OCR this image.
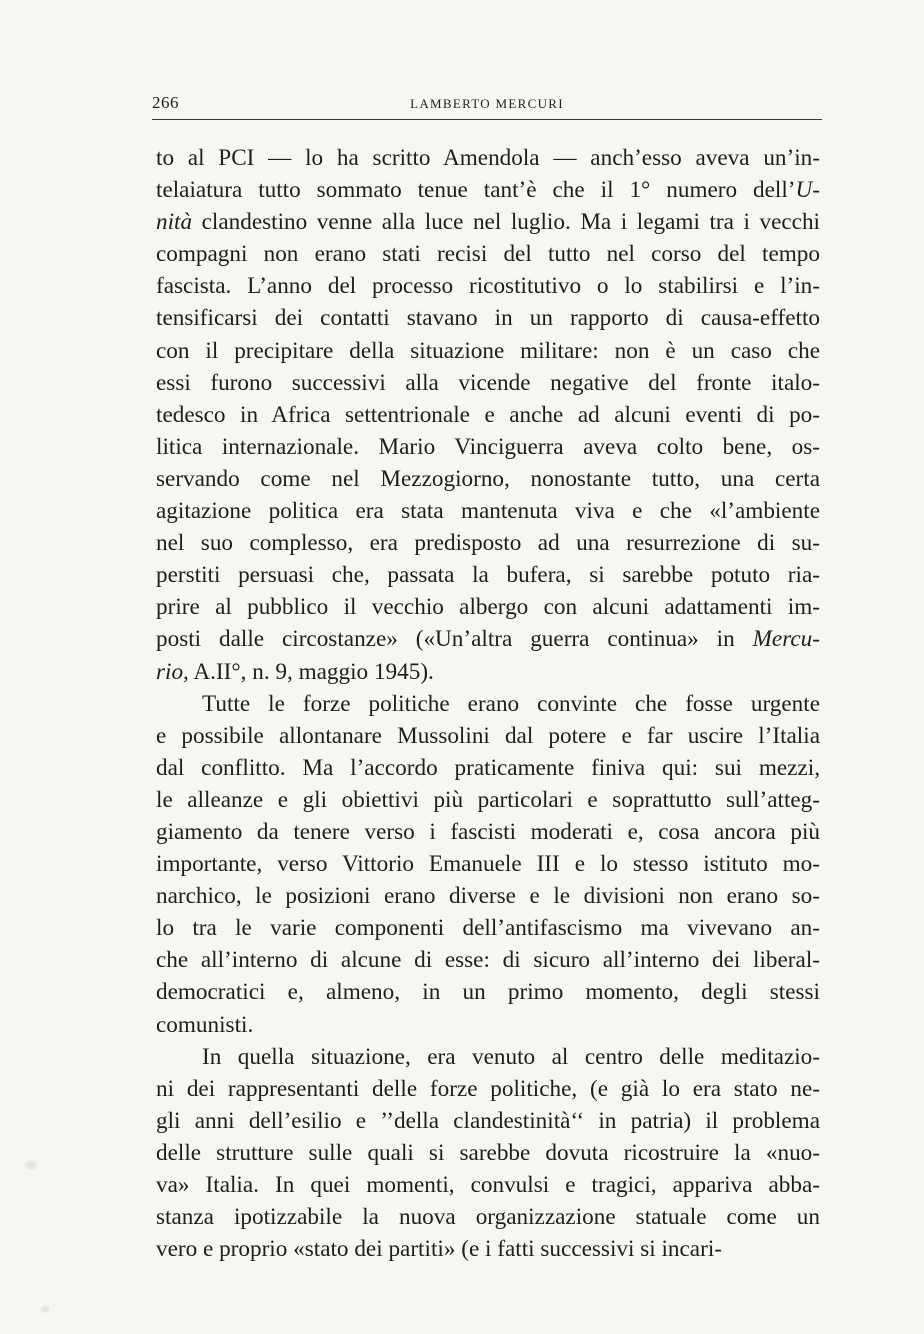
266	LAMBERTO MERCURI
to al PCI — lo ha scritto Amendola — anch’esso aveva un’in-
telaiatura tutto sommato tenue tant’è che il 1° numero dell’U-
nità clandestino venne alla luce nel luglio. Ma i legami tra i vecchi
compagni non erano stati recisi del tutto nel corso del tempo
fascista. L’anno del processo ricostitutivo o lo stabilirsi e l’in-
tensificarsi dei contatti stavano in un rapporto di causa-effetto
con il precipitare della situazione militare: non è un caso che
essi furono successivi alla vicende negative del fronte italo-
tedesco in Africa settentrionale e anche ad alcuni eventi di po-
litica internazionale. Mario Vinciguerra aveva colto bene, os-
servando come nel Mezzogiorno, nonostante tutto, una certa
agitazione politica era stata mantenuta viva e che «l’ambiente
nel suo complesso, era predisposto ad una resurrezione di su-
perstiti persuasi che, passata la bufera, si sarebbe potuto ria-
prire al pubblico il vecchio albergo con alcuni adattamenti im-
posti dalle circostanze» («Un’altra guerra continua» in Mercu-
rio, A.II°, n. 9, maggio 1945).
Tutte le forze politiche erano convinte che fosse urgente
e possibile allontanare Mussolini dal potere e far uscire l’Italia
dal conflitto. Ma l’accordo praticamente finiva qui: sui mezzi,
le alleanze e gli obiettivi più particolari e soprattutto sull’atteg-
giamento da tenere verso i fascisti moderati e, cosa ancora più
importante, verso Vittorio Emanuele III e lo stesso istituto mo-
narchico, le posizioni erano diverse e le divisioni non erano so-
lo tra le varie componenti dell’antifascismo ma vivevano an-
che all’interno di alcune di esse: di sicuro all’interno dei liberal-
democratici e, almeno, in un primo momento, degli stessi
comunisti.
In quella situazione, era venuto al centro delle meditazio-
ni dei rappresentanti delle forze politiche, (e già lo era stato ne-
gli anni dell’esilio e ’’della clandestinità‘‘ in patria) il problema
delle strutture sulle quali si sarebbe dovuta ricostruire la «nuo-
va» Italia. In quei momenti, convulsi e tragici, appariva abba-
stanza ipotizzabile la nuova organizzazione statuale come un
vero e proprio «stato dei partiti» (e i fatti successivi si incari-
